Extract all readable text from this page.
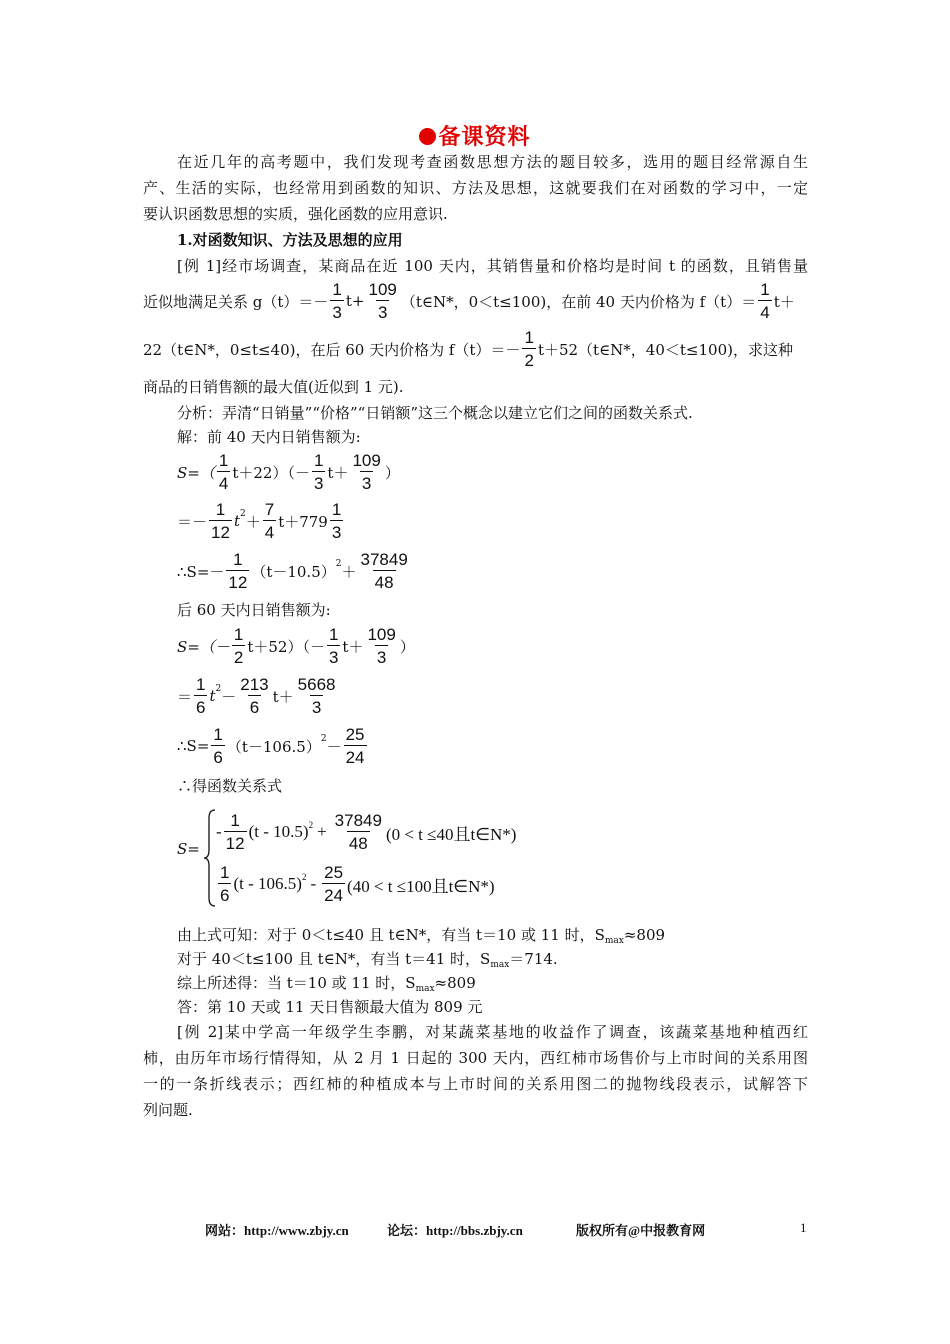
备课资料
在近几年的高考题中，我们发现考查函数思想方法的题目较多，选用的题目经常源自生
产、生活的实际，也经常用到函数的知识、方法及思想，这就要我们在对函数的学习中，一定
要认识函数思想的实质，强化函数的应用意识.
1.对函数知识、方法及思想的应用
[例 1]经市场调查，某商品在近 100 天内，其销售量和价格均是时间 t 的函数，且销售量
近似地满足关系 $g(t)=- \frac{1}{3} t+ \frac{109}{3}$ （t∈N*，0＜t≤100)，在前 40 天内价格为 $f(t)= \frac{1}{4} t+$
22（t∈N*，0≤t≤40)，在后 60 天内价格为 $f(t)=- \frac{1}{2}$ t＋52（t∈N*，40＜t≤100)，求这种
商品的日销售额的最大值(近似到 1 元).
分析：弄清“日销量”“价格”“日销额”这三个概念以建立它们之间的函数关系式.
解：前 40 天内日销售额为:
$S=( \frac{1}{4} t+22)(- \frac{1}{3} t+ \frac{109}{3}$ ）
＝－ $\frac{1}{12}$ t $2 + \frac{7}{4} t+779 \frac{1}{3}$
∴S=－ $\frac{1}{12} (t-10.5) 2 + \frac{37849}{48}$
后 60 天内日销售额为:
$S=(- \frac{1}{2} t+52)(- \frac{1}{3} t+ \frac{109}{3}$ ）
＝ $\frac{1}{6}$ t $2 - \frac{213}{6} t+ \frac{5668}{3}$
∴S= $\frac{1}{6} (t-106.5) 2 - \frac{25}{24}$
∴得函数关系式
S=
- $\frac{1}{12} (t - 10.5) 2 + \frac{37849}{48} (0 < t \le 40$且t∈N*)
$\frac{1}{6} (t - 106.5)$ $2 - \frac{25}{24} (40 < t \le 100$且t∈N*)
由上式可知：对于 0＜t≤40 且 t∈N*，有当 t＝10 或 11 时，$S_{max}\approx 809$
对于 40＜t≤100 且 t∈N*，有当 t＝41 时，$S_{max}=714$.
综上所述得：当 t＝10 或 11 时，$S_{max}\approx 809$
答：第 10 天或 11 天日售额最大值为 809 元
[例 2]某中学高一年级学生李鹏，对某蔬菜基地的收益作了调查，该蔬菜基地种植西红
柿，由历年市场行情得知，从 2 月 1 日起的 300 天内，西红柿市场售价与上市时间的关系用图
一的一条折线表示；西红柿的种植成本与上市时间的关系用图二的抛物线段表示，试解答下
列问题.
网站：http://www.zbjy.cn	论坛：http://bbs.zbjy.cn	版权所有@中报教育网	1
